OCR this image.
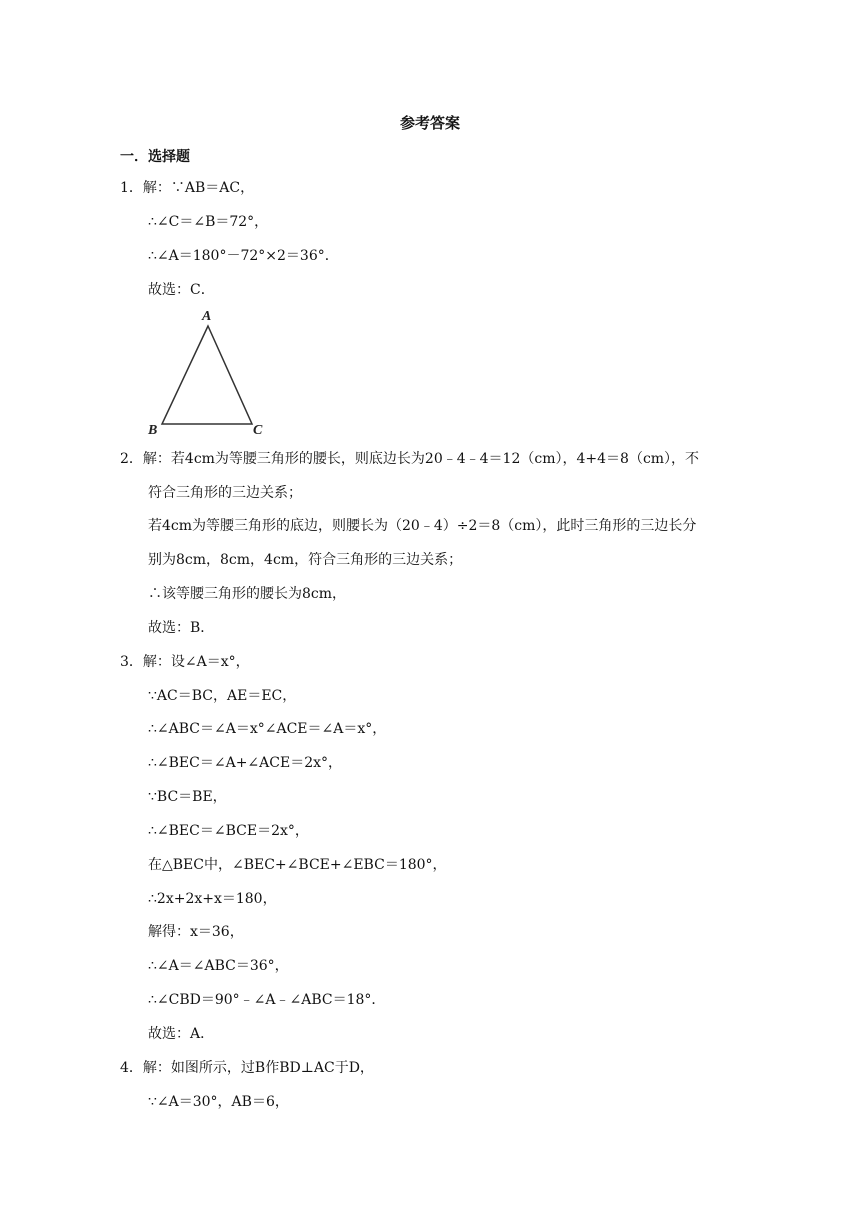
参考答案
一．选择题
1．解：∵AB＝AC，
∴∠C＝∠B＝72°，
∴∠A＝180°－72°×2＝36°．
故选：C．
A
B	C
2．解：若4cm为等腰三角形的腰长，则底边长为20﹣4﹣4＝12（cm），4+4＝8（cm），不
符合三角形的三边关系；
若4cm为等腰三角形的底边，则腰长为（20﹣4）÷2＝8（cm），此时三角形的三边长分
别为8cm，8cm，4cm，符合三角形的三边关系；
∴该等腰三角形的腰长为8cm，
故选：B．
3．解：设∠A＝x°，
∵AC＝BC，AE＝EC，
∴∠ABC＝∠A＝x°∠ACE＝∠A＝x°，
∴∠BEC＝∠A+∠ACE＝2x°，
∵BC＝BE，
∴∠BEC＝∠BCE＝2x°，
在△BEC中，∠BEC+∠BCE+∠EBC＝180°，
∴2x+2x+x＝180，
解得：x＝36，
∴∠A＝∠ABC＝36°，
∴∠CBD＝90°﹣∠A﹣∠ABC＝18°．
故选：A．
4．解：如图所示，过B作BD⊥AC于D，
∵∠A＝30°，AB＝6，
